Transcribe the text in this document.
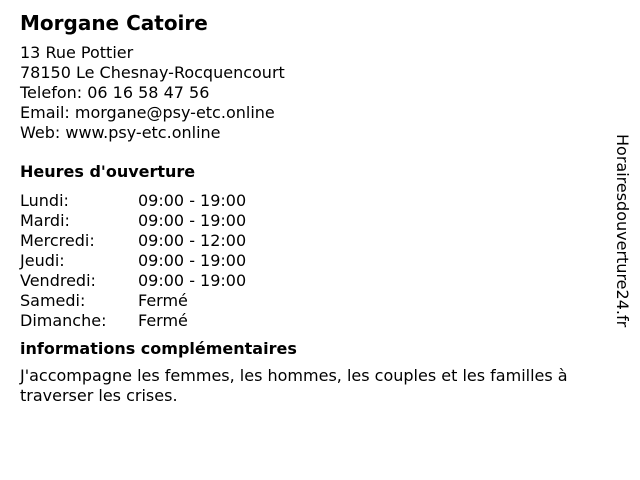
Morgane Catoire
13 Rue Pottier
78150 Le Chesnay-Rocquencourt
Telefon: 06 16 58 47 56
Email: morgane@psy-etc.online
Web: www.psy-etc.online
Heures d'ouverture
Lundi:	09:00 - 19:00
Mardi:	09:00 - 19:00
Mercredi:	09:00 - 12:00
Jeudi:	09:00 - 19:00
Vendredi:	09:00 - 19:00
Samedi:	Fermé
Dimanche:	Fermé
informations complémentaires

J'accompagne les femmes, les hommes, les couples et les familles à traverser les crises.

Horairesdouverture24.fr
